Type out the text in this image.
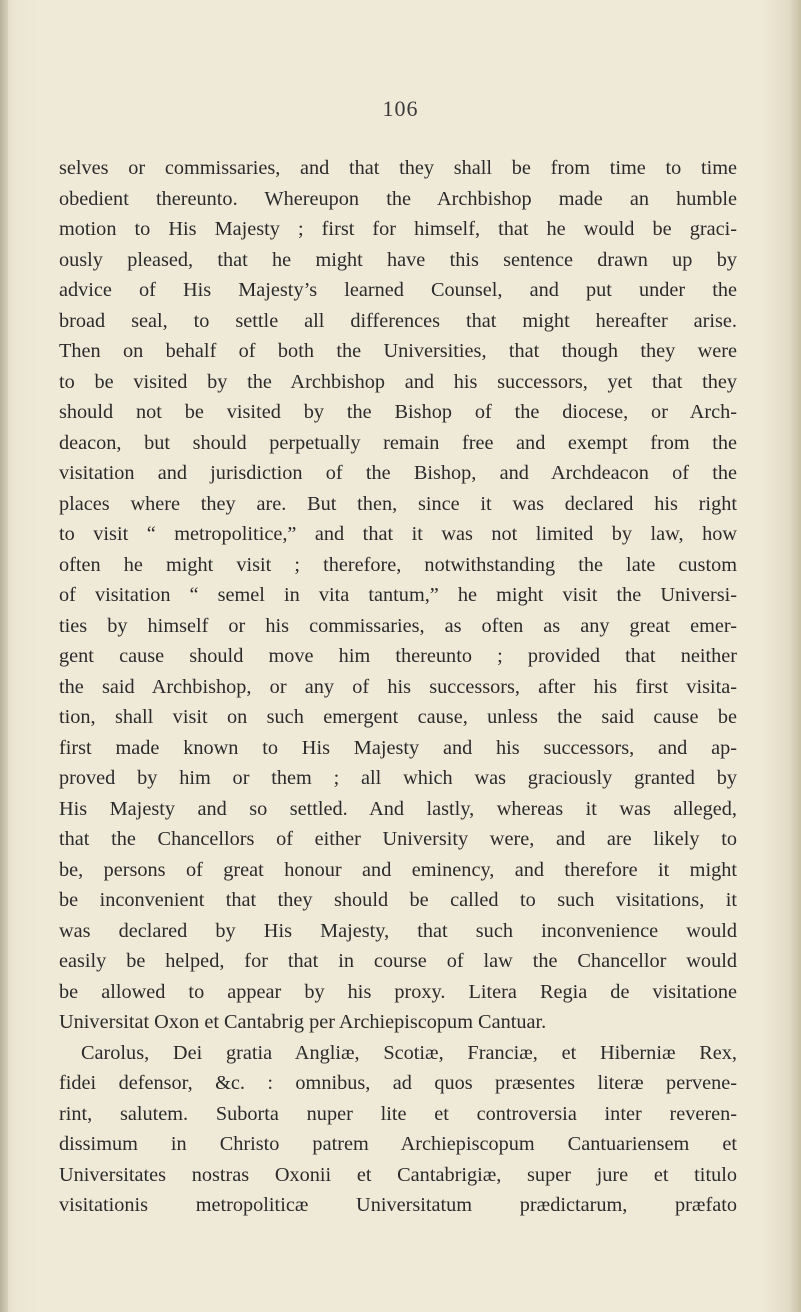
106
selves or commissaries, and that they shall be from time to time
obedient thereunto. Whereupon the Archbishop made an humble
motion to His Majesty ; first for himself, that he would be graci-
ously pleased, that he might have this sentence drawn up by
advice of His Majesty’s learned Counsel, and put under the
broad seal, to settle all differences that might hereafter arise.
Then on behalf of both the Universities, that though they were
to be visited by the Archbishop and his successors, yet that they
should not be visited by the Bishop of the diocese, or Arch-
deacon, but should perpetually remain free and exempt from the
visitation and jurisdiction of the Bishop, and Archdeacon of the
places where they are. But then, since it was declared his right
to visit “ metropolitice,” and that it was not limited by law, how
often he might visit ; therefore, notwithstanding the late custom
of visitation “ semel in vita tantum,” he might visit the Universi-
ties by himself or his commissaries, as often as any great emer-
gent cause should move him thereunto ; provided that neither
the said Archbishop, or any of his successors, after his first visita-
tion, shall visit on such emergent cause, unless the said cause be
first made known to His Majesty and his successors, and ap-
proved by him or them ; all which was graciously granted by
His Majesty and so settled. And lastly, whereas it was alleged,
that the Chancellors of either University were, and are likely to
be, persons of great honour and eminency, and therefore it might
be inconvenient that they should be called to such visitations, it
was declared by His Majesty, that such inconvenience would
easily be helped, for that in course of law the Chancellor would
be allowed to appear by his proxy. Litera Regia de visitatione
Universitat Oxon et Cantabrig per Archiepiscopum Cantuar.
Carolus, Dei gratia Angliæ, Scotiæ, Franciæ, et Hiberniæ Rex,
fidei defensor, &c. : omnibus, ad quos præsentes literæ pervene-
rint, salutem. Suborta nuper lite et controversia inter reveren-
dissimum in Christo patrem Archiepiscopum Cantuariensem et
Universitates nostras Oxonii et Cantabrigiæ, super jure et titulo
visitationis metropoliticæ Universitatum prædictarum, præfato
